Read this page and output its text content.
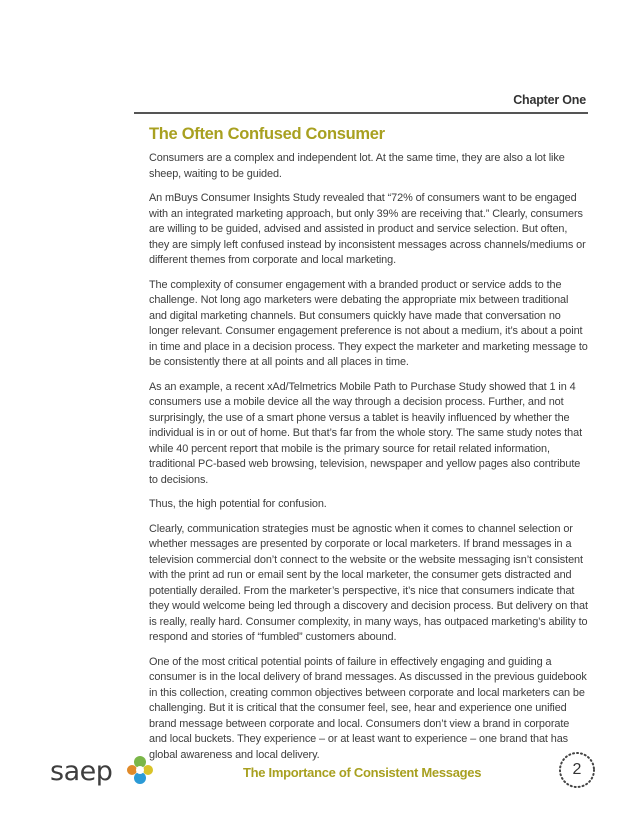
Chapter One
The Often Confused Consumer

Consumers are a complex and independent lot. At the same time, they are also a lot like sheep, waiting to be guided.

An mBuys Consumer Insights Study revealed that “72% of consumers want to be engaged with an integrated marketing approach, but only 39% are receiving that.” Clearly, consumers are willing to be guided, advised and assisted in product and service selection. But often, they are simply left confused instead by inconsistent messages across channels/mediums or different themes from corporate and local marketing.

The complexity of consumer engagement with a branded product or service adds to the challenge. Not long ago marketers were debating the appropriate mix between traditional and digital marketing channels. But consumers quickly have made that conversation no longer relevant. Consumer engagement preference is not about a medium, it’s about a point in time and place in a decision process. They expect the marketer and marketing message to be consistently there at all points and all places in time.

As an example, a recent xAd/Telmetrics Mobile Path to Purchase Study showed that 1 in 4 consumers use a mobile device all the way through a decision process. Further, and not surprisingly, the use of a smart phone versus a tablet is heavily influenced by whether the individual is in or out of home. But that’s far from the whole story. The same study notes that while 40 percent report that mobile is the primary source for retail related information, traditional PC-based web browsing, television, newspaper and yellow pages also contribute to decisions.

Thus, the high potential for confusion.

Clearly, communication strategies must be agnostic when it comes to channel selection or whether messages are presented by corporate or local marketers. If brand messages in a television commercial don’t connect to the website or the website messaging isn’t consistent with the print ad run or email sent by the local marketer, the consumer gets distracted and potentially derailed. From the marketer’s perspective, it’s nice that consumers indicate that they would welcome being led through a discovery and decision process. But delivery on that is really, really hard. Consumer complexity, in many ways, has outpaced marketing’s ability to respond and stories of “fumbled” customers abound.

One of the most critical potential points of failure in effectively engaging and guiding a consumer is in the local delivery of brand messages. As discussed in the previous guidebook in this collection, creating common objectives between corporate and local marketers can be challenging. But it is critical that the consumer feel, see, hear and experience one unified brand message between corporate and local. Consumers don’t view a brand in corporate and local buckets. They experience – or at least want to experience – one brand that has global awareness and local delivery.

saep	The Importance of Consistent Messages	2
